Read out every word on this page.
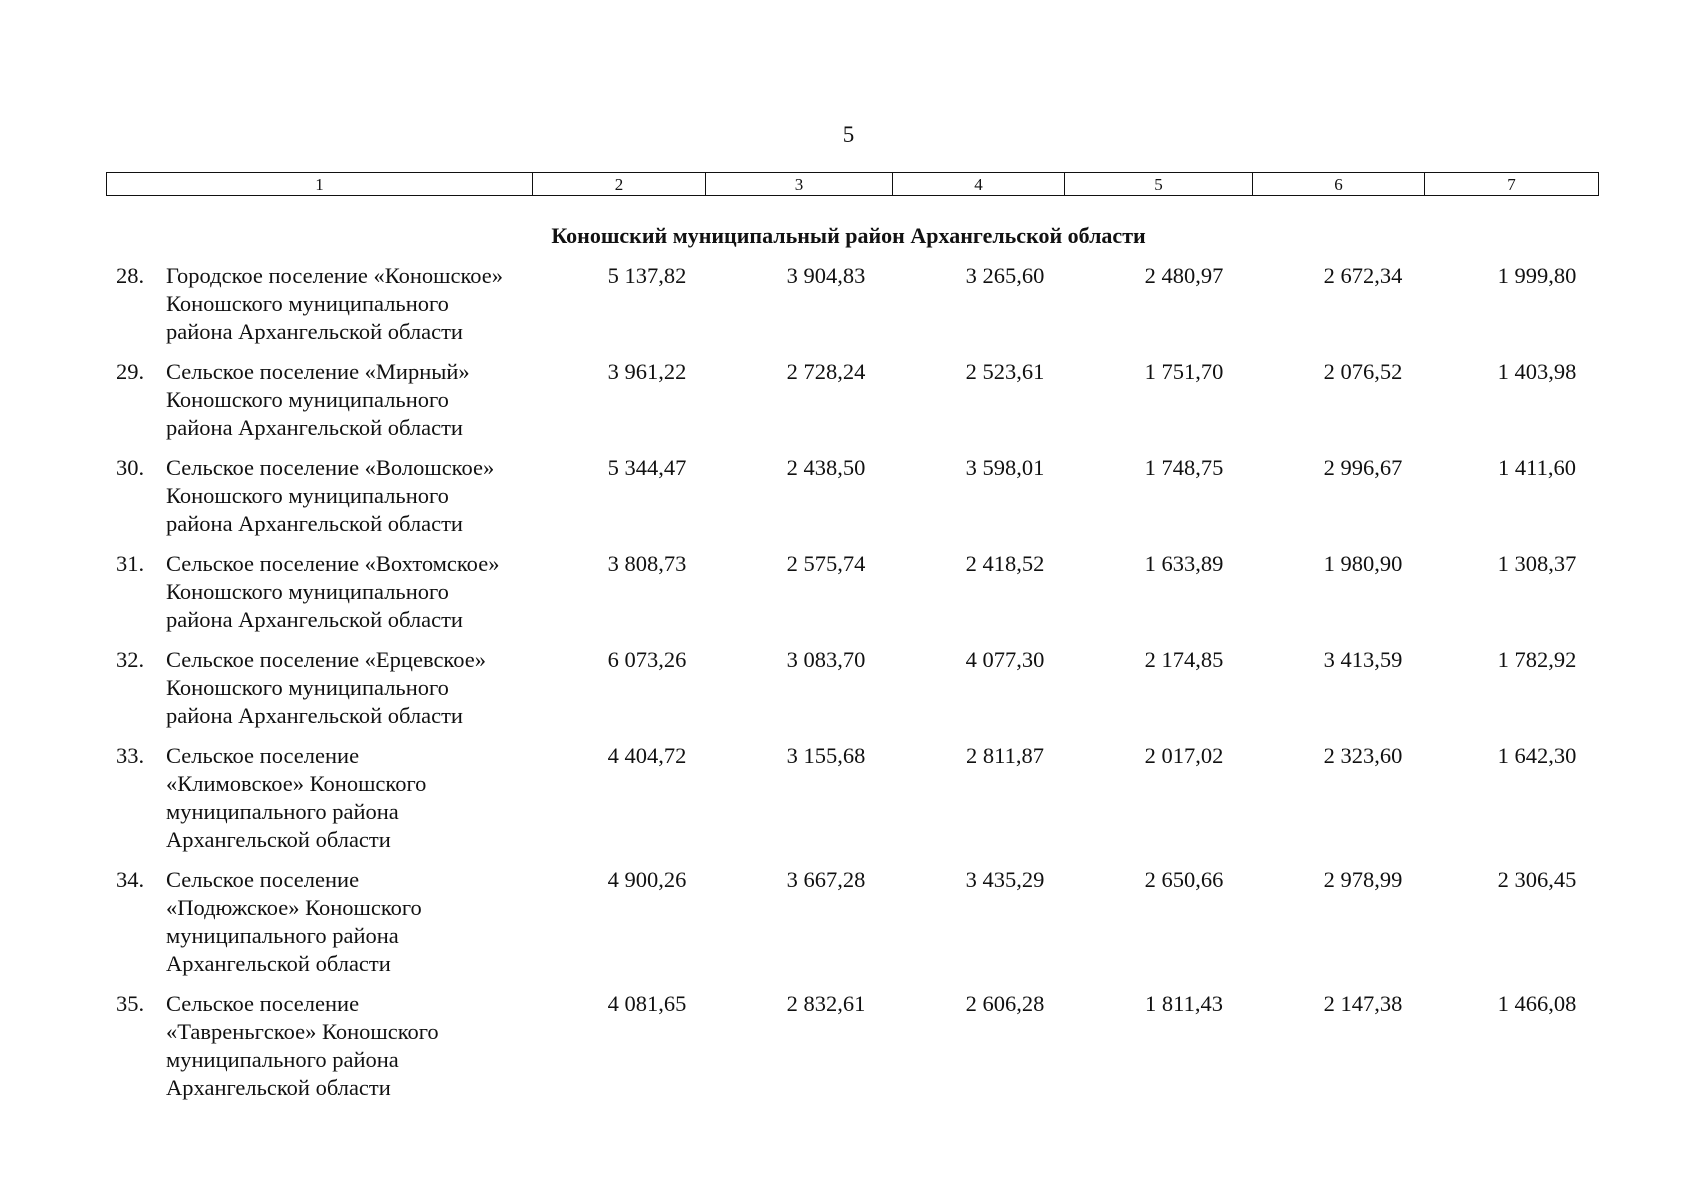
5
1	2	3	4	5	6	7
Коношский муниципальный район Архангельской области
28. Городское поселение «Коношское»
Коношского муниципального
района Архангельской области
5 137,82	3 904,83	3 265,60	2 480,97	2 672,34	1 999,80
29. Сельское поселение «Мирный»
Коношского муниципального
района Архангельской области
3 961,22	2 728,24	2 523,61	1 751,70	2 076,52	1 403,98
30. Сельское поселение «Волошское»
Коношского муниципального
района Архангельской области
5 344,47	2 438,50	3 598,01	1 748,75	2 996,67	1 411,60
31. Сельское поселение «Вохтомское»
Коношского муниципального
района Архангельской области
3 808,73	2 575,74	2 418,52	1 633,89	1 980,90	1 308,37
32. Сельское поселение «Ерцевское»
Коношского муниципального
района Архангельской области
6 073,26	3 083,70	4 077,30	2 174,85	3 413,59	1 782,92
33. Сельское поселение
«Климовское» Коношского
муниципального района
Архангельской области
4 404,72	3 155,68	2 811,87	2 017,02	2 323,60	1 642,30
34. Сельское поселение
«Подюжское» Коношского
муниципального района
Архангельской области
4 900,26	3 667,28	3 435,29	2 650,66	2 978,99	2 306,45
35. Сельское поселение
«Тавреньгское» Коношского
муниципального района
Архангельской области
4 081,65	2 832,61	2 606,28	1 811,43	2 147,38	1 466,08
